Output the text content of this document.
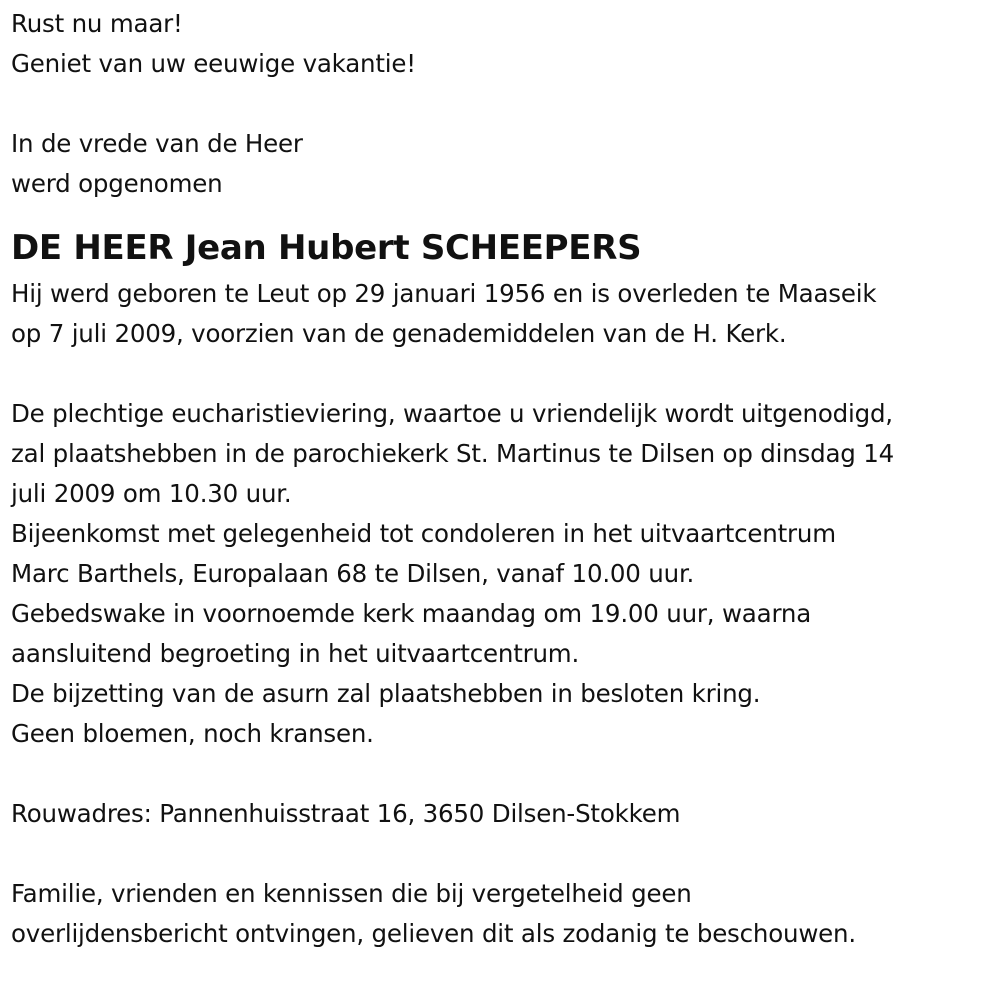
Rust nu maar!
Geniet van uw eeuwige vakantie!
In de vrede van de Heer
werd opgenomen
DE HEER Jean Hubert SCHEEPERS
Hij werd geboren te Leut op 29 januari 1956 en is overleden te Maaseik
op 7 juli 2009, voorzien van de genademiddelen van de H. Kerk.
De plechtige eucharistieviering, waartoe u vriendelijk wordt uitgenodigd,
zal plaatshebben in de parochiekerk St. Martinus te Dilsen op dinsdag 14
juli 2009 om 10.30 uur.
Bijeenkomst met gelegenheid tot condoleren in het uitvaartcentrum
Marc Barthels, Europalaan 68 te Dilsen, vanaf 10.00 uur.
Gebedswake in voornoemde kerk maandag om 19.00 uur, waarna
aansluitend begroeting in het uitvaartcentrum.
De bijzetting van de asurn zal plaatshebben in besloten kring.
Geen bloemen, noch kransen.
Rouwadres: Pannenhuisstraat 16, 3650 Dilsen-Stokkem
Familie, vrienden en kennissen die bij vergetelheid geen
overlijdensbericht ontvingen, gelieven dit als zodanig te beschouwen.
